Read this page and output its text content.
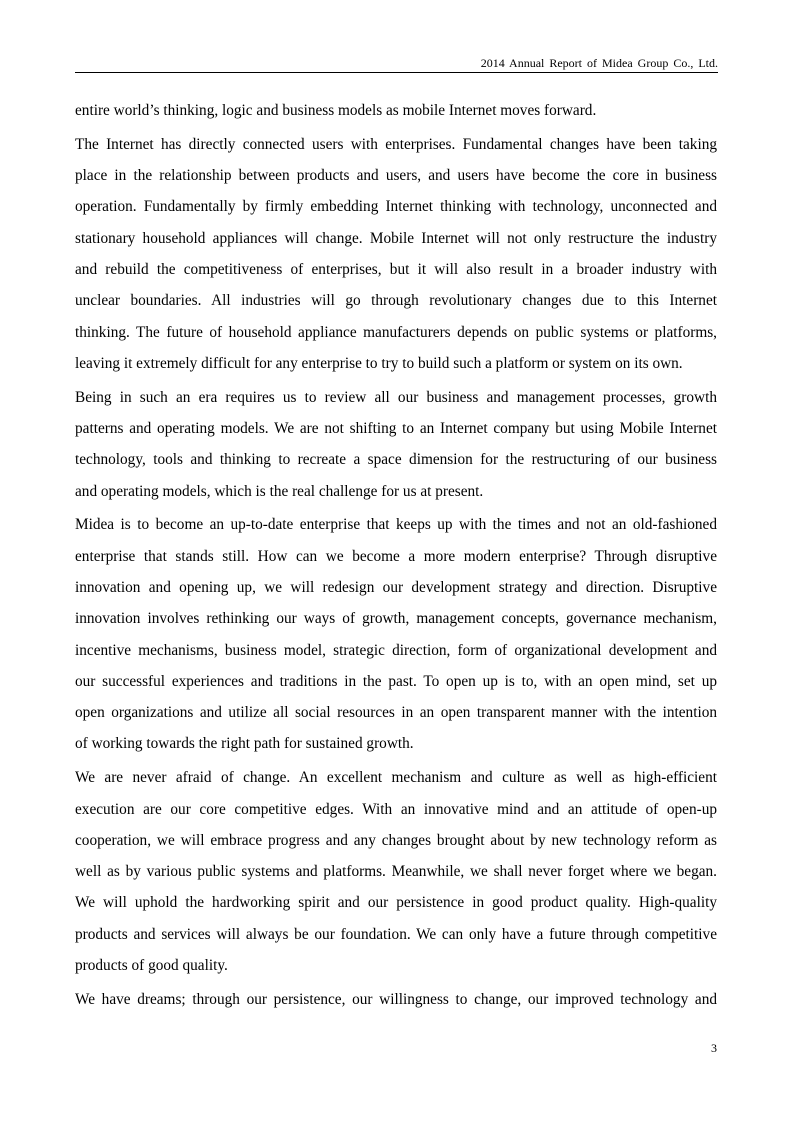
2014 Annual Report of Midea Group Co., Ltd.
entire world’s thinking, logic and business models as mobile Internet moves forward.
The Internet has directly connected users with enterprises. Fundamental changes have been taking
place in the relationship between products and users, and users have become the core in business
operation. Fundamentally by firmly embedding Internet thinking with technology, unconnected and
stationary household appliances will change. Mobile Internet will not only restructure the industry
and rebuild the competitiveness of enterprises, but it will also result in a broader industry with
unclear boundaries. All industries will go through revolutionary changes due to this Internet
thinking. The future of household appliance manufacturers depends on public systems or platforms,
leaving it extremely difficult for any enterprise to try to build such a platform or system on its own.
Being in such an era requires us to review all our business and management processes, growth
patterns and operating models. We are not shifting to an Internet company but using Mobile Internet
technology, tools and thinking to recreate a space dimension for the restructuring of our business
and operating models, which is the real challenge for us at present.
Midea is to become an up-to-date enterprise that keeps up with the times and not an old-fashioned
enterprise that stands still. How can we become a more modern enterprise? Through disruptive
innovation and opening up, we will redesign our development strategy and direction. Disruptive
innovation involves rethinking our ways of growth, management concepts, governance mechanism,
incentive mechanisms, business model, strategic direction, form of organizational development and
our successful experiences and traditions in the past. To open up is to, with an open mind, set up
open organizations and utilize all social resources in an open transparent manner with the intention
of working towards the right path for sustained growth.
We are never afraid of change. An excellent mechanism and culture as well as high-efficient
execution are our core competitive edges. With an innovative mind and an attitude of open-up
cooperation, we will embrace progress and any changes brought about by new technology reform as
well as by various public systems and platforms. Meanwhile, we shall never forget where we began.
We will uphold the hardworking spirit and our persistence in good product quality. High-quality
products and services will always be our foundation. We can only have a future through competitive
products of good quality.
We have dreams; through our persistence, our willingness to change, our improved technology and
3
